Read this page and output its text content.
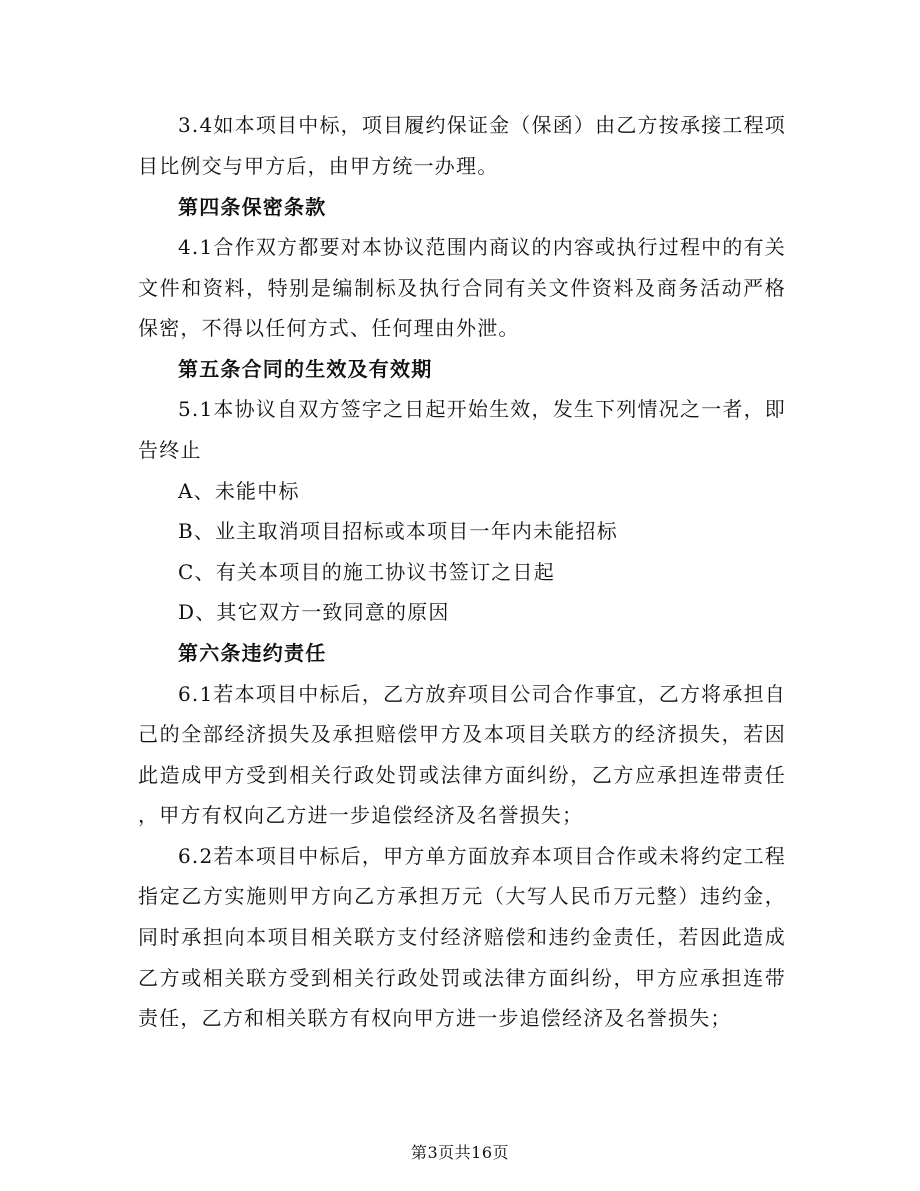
3.4如本项目中标，项目履约保证金（保函）由乙方按承接工程项
目比例交与甲方后，由甲方统一办理。
第四条保密条款
4.1合作双方都要对本协议范围内商议的内容或执行过程中的有关
文件和资料，特别是编制标及执行合同有关文件资料及商务活动严格
保密，不得以任何方式、任何理由外泄。
第五条合同的生效及有效期
5.1本协议自双方签字之日起开始生效，发生下列情况之一者，即
告终止
A、未能中标
B、业主取消项目招标或本项目一年内未能招标
C、有关本项目的施工协议书签订之日起
D、其它双方一致同意的原因
第六条违约责任
6.1若本项目中标后，乙方放弃项目公司合作事宜，乙方将承担自
己的全部经济损失及承担赔偿甲方及本项目关联方的经济损失，若因
此造成甲方受到相关行政处罚或法律方面纠纷，乙方应承担连带责任
，甲方有权向乙方进一步追偿经济及名誉损失；
6.2若本项目中标后，甲方单方面放弃本项目合作或未将约定工程
指定乙方实施则甲方向乙方承担万元（大写人民币万元整）违约金，
同时承担向本项目相关联方支付经济赔偿和违约金责任，若因此造成
乙方或相关联方受到相关行政处罚或法律方面纠纷，甲方应承担连带
责任，乙方和相关联方有权向甲方进一步追偿经济及名誉损失；
第3页共16页
